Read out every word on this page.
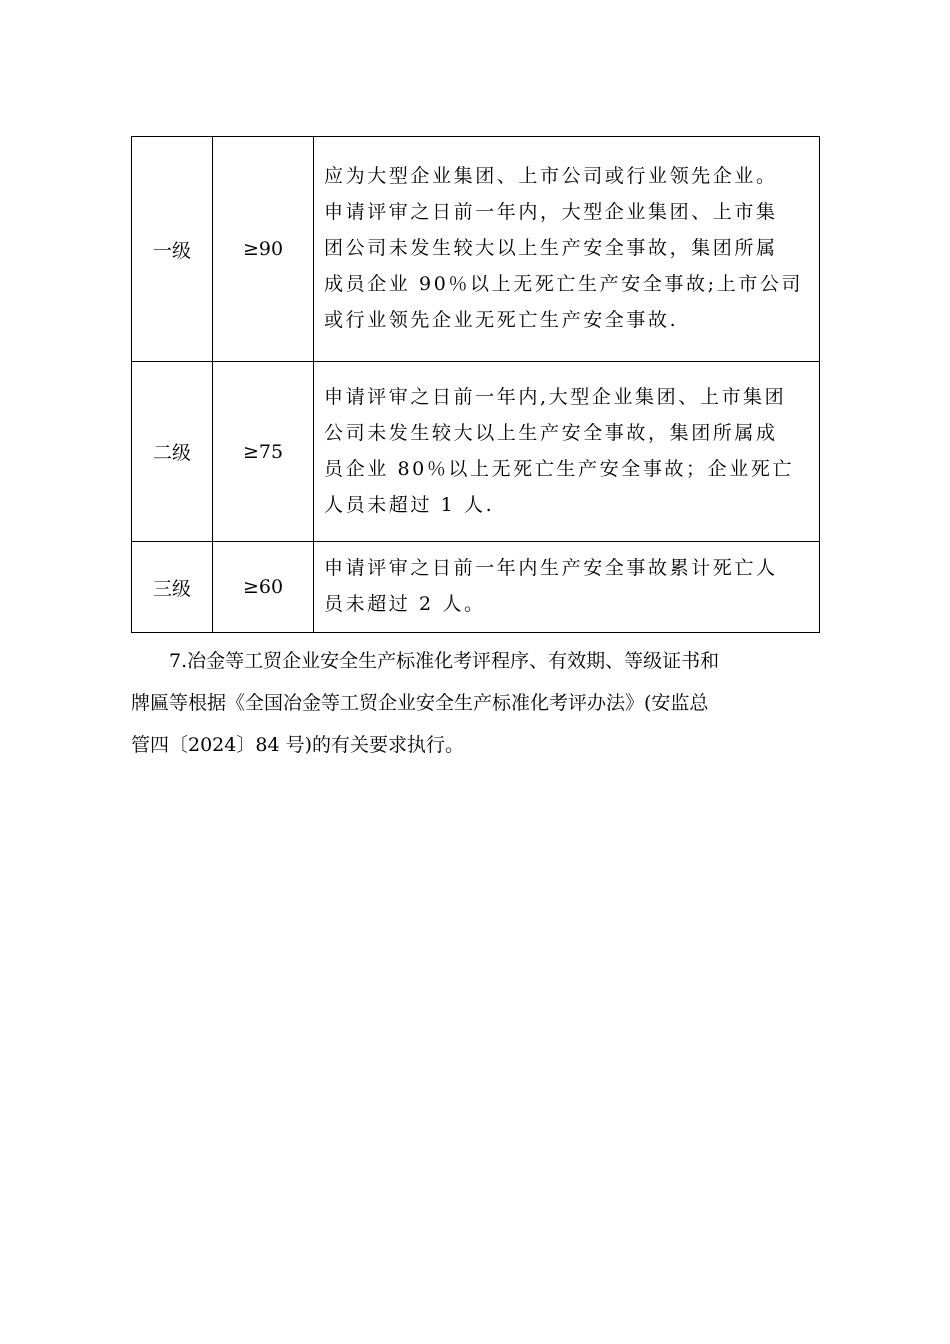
一级	≥90	应为大型企业集团、上市公司或行业领先企业。
申请评审之日前一年内，大型企业集团、上市集
团公司未发生较大以上生产安全事故，集团所属
成员企业 90％以上无死亡生产安全事故;上市公司
或行业领先企业无死亡生产安全事故.

二级	≥75	申请评审之日前一年内,大型企业集团、上市集团
公司未发生较大以上生产安全事故，集团所属成
员企业 80％以上无死亡生产安全事故；企业死亡
人员未超过 1 人.

三级	≥60	申请评审之日前一年内生产安全事故累计死亡人
员未超过 2 人。
7.冶金等工贸企业安全生产标准化考评程序、有效期、等级证书和
牌匾等根据《全国冶金等工贸企业安全生产标准化考评办法》(安监总
管四〔2024〕84 号)的有关要求执行。
